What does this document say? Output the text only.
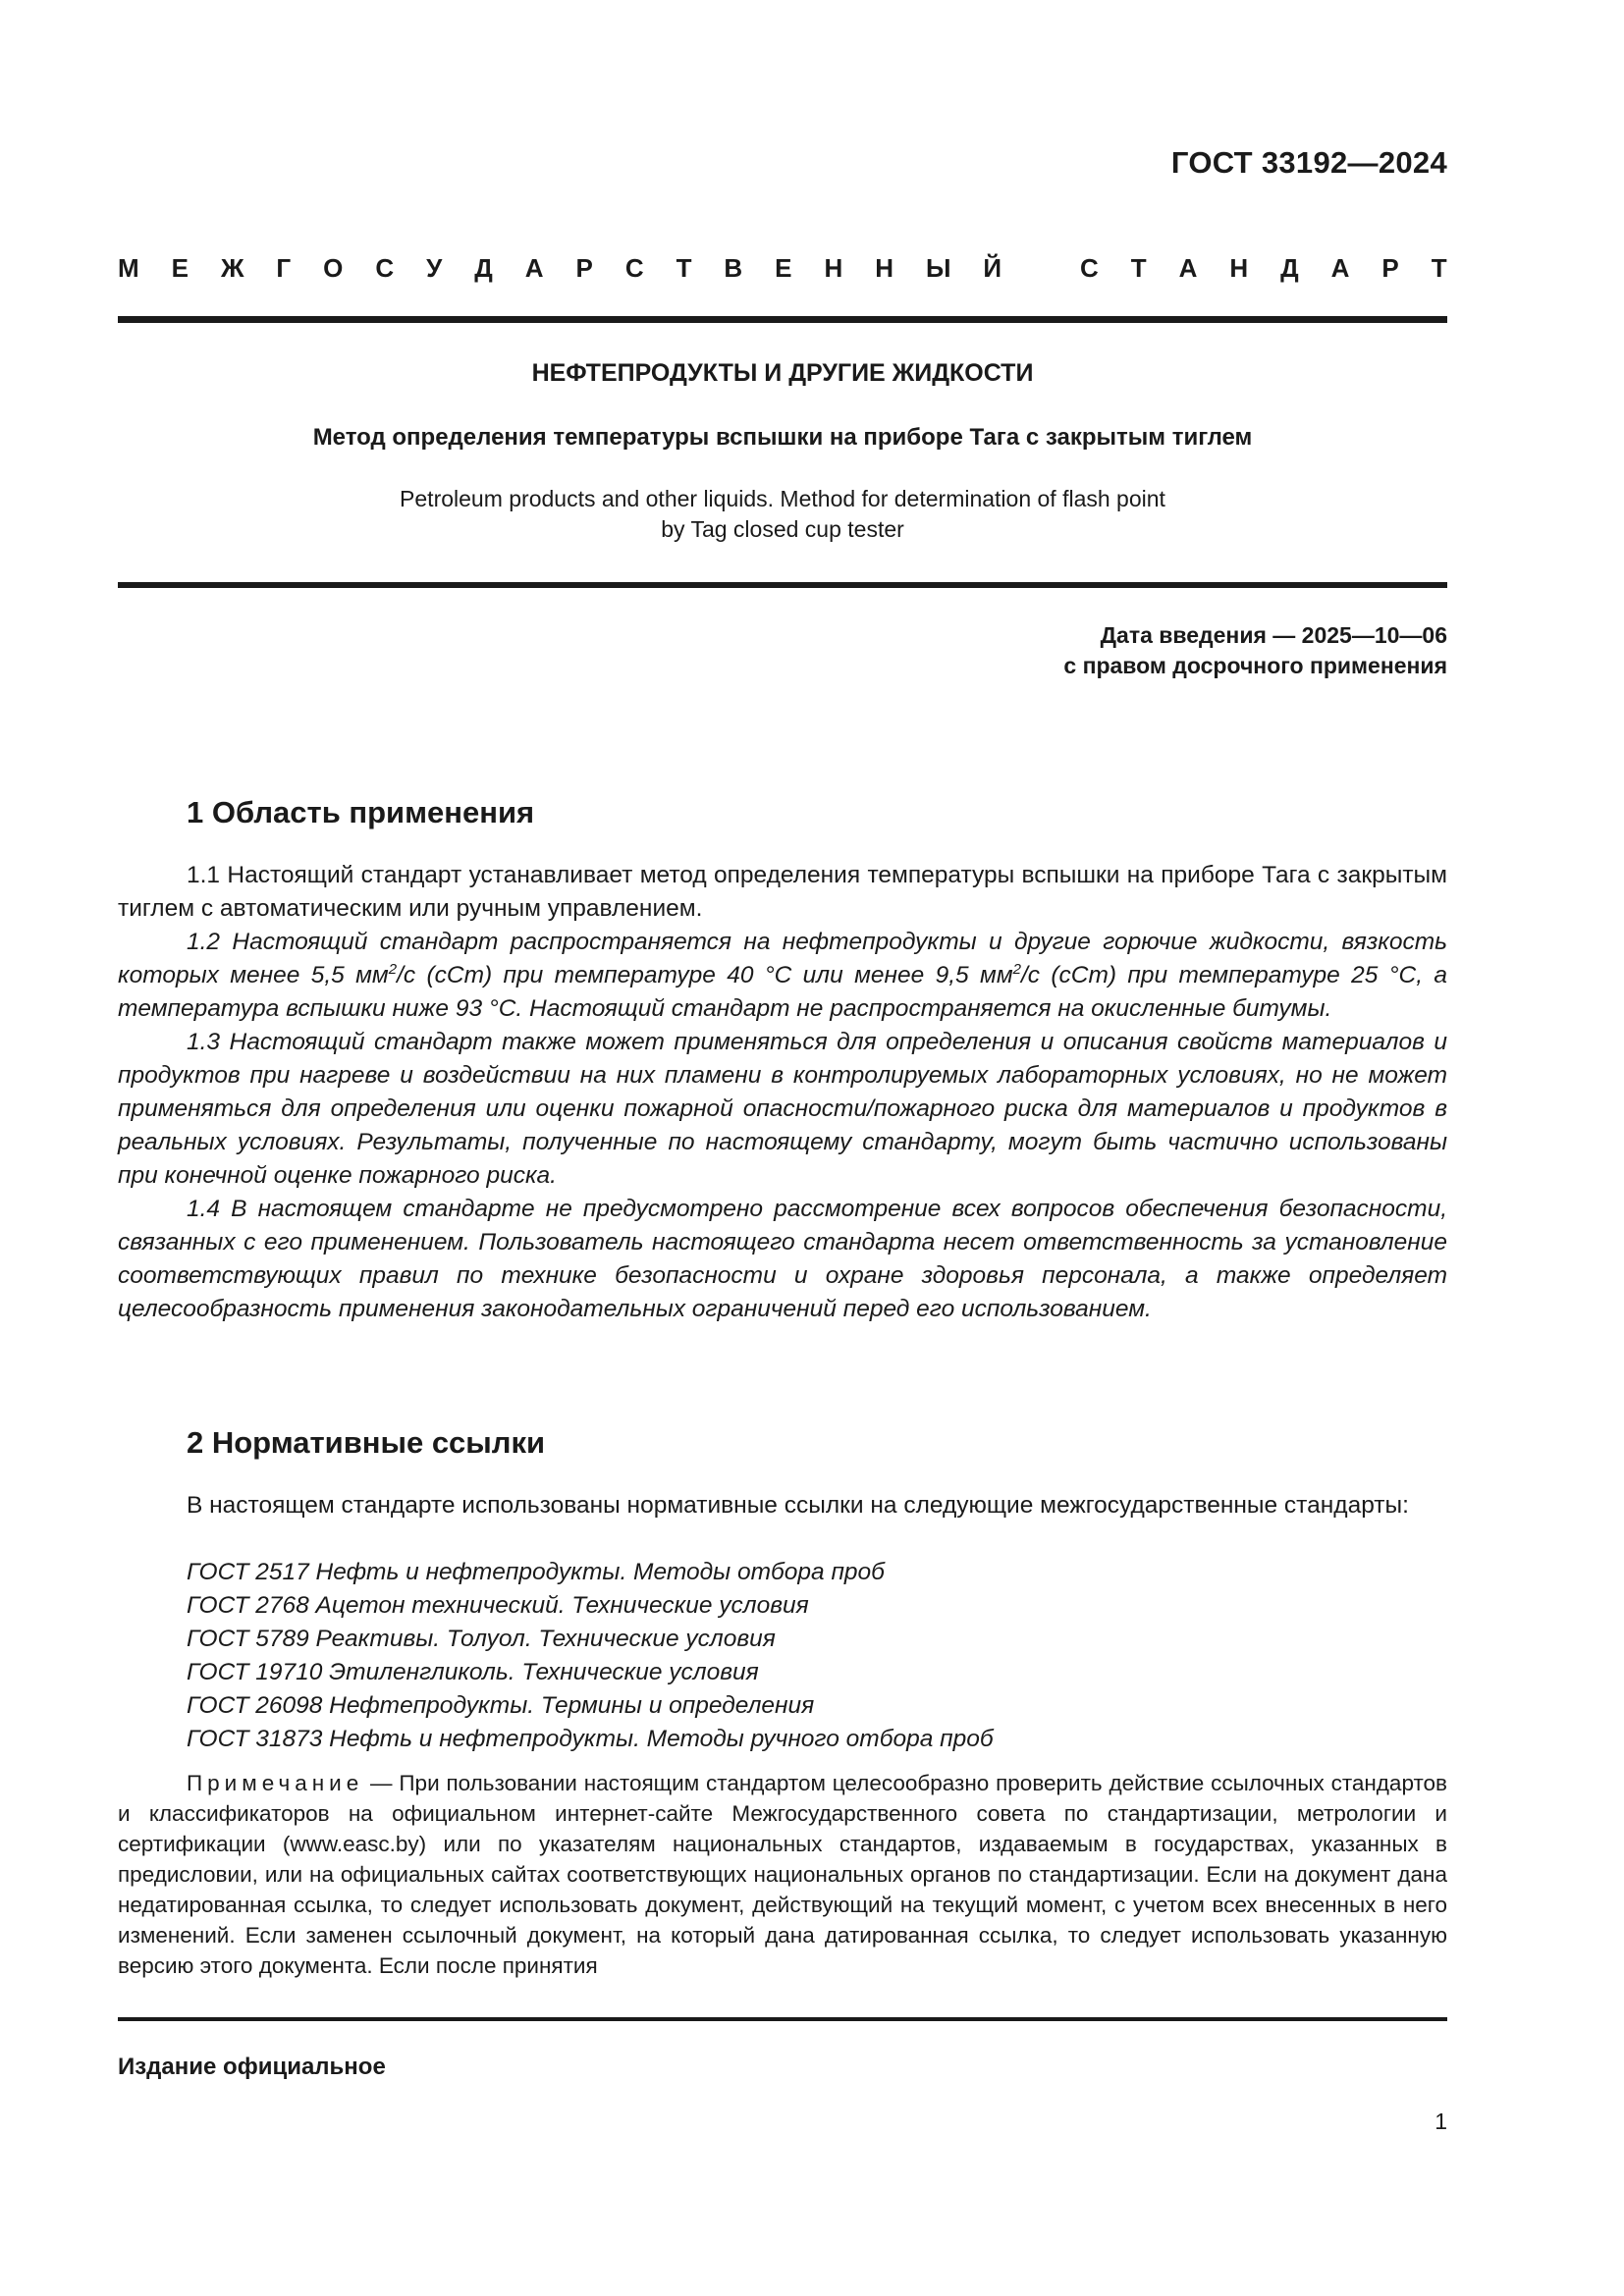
ГОСТ 33192—2024
М Е Ж Г О С У Д А Р С Т В Е Н Н Ы Й	С Т А Н Д А Р Т
НЕФТЕПРОДУКТЫ И ДРУГИЕ ЖИДКОСТИ
Метод определения температуры вспышки на приборе Тага с закрытым тиглем
Petroleum products and other liquids. Method for determination of flash point
by Tag closed cup tester
Дата введения — 2025—10—06
с правом досрочного применения
1 Область применения

1.1 Настоящий стандарт устанавливает метод определения температуры вспышки на приборе Тага с закрытым тиглем с автоматическим или ручным управлением.

1.2 Настоящий стандарт распространяется на нефтепродукты и другие горючие жидкости, вязкость которых менее 5,5 $мм^2/с$ (сСт) при температуре 40 °С или менее 9,5 $мм^2/с$ (сСт) при температуре 25 °С, а температура вспышки ниже 93 °С. Настоящий стандарт не распространяется на окисленные битумы.

1.3 Настоящий стандарт также может применяться для определения и описания свойств материалов и продуктов при нагреве и воздействии на них пламени в контролируемых лабораторных условиях, но не может применяться для определения или оценки пожарной опасности/пожарного риска для материалов и продуктов в реальных условиях. Результаты, полученные по настоящему стандарту, могут быть частично использованы при конечной оценке пожарного риска.

1.4 В настоящем стандарте не предусмотрено рассмотрение всех вопросов обеспечения безопасности, связанных с его применением. Пользователь настоящего стандарта несет ответственность за установление соответствующих правил по технике безопасности и охране здоровья персонала, а также определяет целесообразность применения законодательных ограничений перед его использованием.

2 Нормативные ссылки

В настоящем стандарте использованы нормативные ссылки на следующие межгосударственные стандарты:

ГОСТ 2517 Нефть и нефтепродукты. Методы отбора проб
ГОСТ 2768 Ацетон технический. Технические условия
ГОСТ 5789 Реактивы. Толуол. Технические условия
ГОСТ 19710 Этиленгликоль. Технические условия
ГОСТ 26098 Нефтепродукты. Термины и определения
ГОСТ 31873 Нефть и нефтепродукты. Методы ручного отбора проб

Примечание — При пользовании настоящим стандартом целесообразно проверить действие ссылочных стандартов и классификаторов на официальном интернет-сайте Межгосударственного совета по стандартизации, метрологии и сертификации (www.easc.by) или по указателям национальных стандартов, издаваемым в государствах, указанных в предисловии, или на официальных сайтах соответствующих национальных органов по стандартизации. Если на документ дана недатированная ссылка, то следует использовать документ, действующий на текущий момент, с учетом всех внесенных в него изменений. Если заменен ссылочный документ, на который дана датированная ссылка, то следует использовать указанную версию этого документа. Если после принятия

Издание официальное
1
